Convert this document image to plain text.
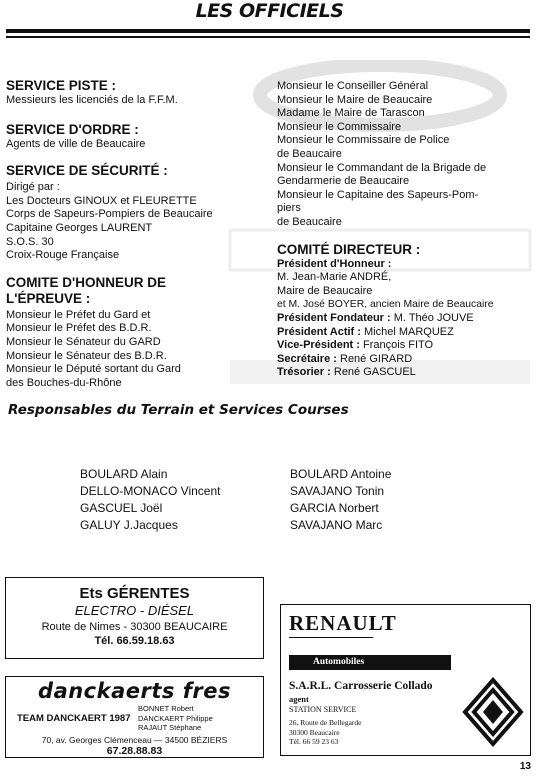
LES OFFICIELS
SERVICE PISTE :
Messieurs les licenciés de la F.F.M.
SERVICE D'ORDRE :
Agents de ville de Beaucaire
SERVICE DE SÉCURITÉ :
Dirigé par :
Les Docteurs GINOUX et FLEURETTE
Corps de Sapeurs-Pompiers de Beaucaire
Capitaine Georges LAURENT
S.O.S. 30
Croix-Rouge Française
COMITE D'HONNEUR DE
L'ÉPREUVE :
Monsieur le Préfet du Gard et
Monsieur le Préfet des B.D.R.
Monsieur le Sénateur du GARD
Monsieur le Sénateur des B.D.R.
Monsieur le Député sortant du Gard
des Bouches-du-Rhône
Monsieur le Conseiller Général
Monsieur le Maire de Beaucaire
Madame le Maire de Tarascon
Monsieur le Commissaire
Monsieur le Commissaire de Police
de Beaucaire
Monsieur le Commandant de la Brigade de
Gendarmerie de Beaucaire
Monsieur le Capitaine des Sapeurs-Pom-
piers
de Beaucaire
COMITÉ DIRECTEUR :
Président d'Honneur :
M. Jean-Marie ANDRÉ,
Maire de Beaucaire
et M. José BOYER, ancien Maire de Beaucaire
Président Fondateur : M. Théo JOUVE
Président Actif : Michel MARQUEZ
Vice-Président : François FITO
Secrétaire : René GIRARD
Trésorier : René GASCUEL
Responsables du Terrain et Services Courses
BOULARD Alain
DELLO-MONACO Vincent
GASCUEL Joël
GALUY J.Jacques
BOULARD Antoine
SAVAJANO Tonin
GARCIA Norbert
SAVAJANO Marc
Ets GÉRENTES
ELECTRO - DIÉSEL
Route de Nimes - 30300 BEAUCAIRE
Tél. 66.59.18.63
danckaerts fres
TEAM DANCKAERT 1987
BONNET Robert
DANCKAERT Philippe
RAJAUT Stéphane
70, av. Georges Clémenceau — 34500 BÉZIERS
67.28.88.83
RENAULT
Automobiles
S.A.R.L. Carrosserie Collado
agent
STATION SERVICE
26, Route de Bellegarde
30300 Beaucaire
Tél. 66 59 23 63
13
